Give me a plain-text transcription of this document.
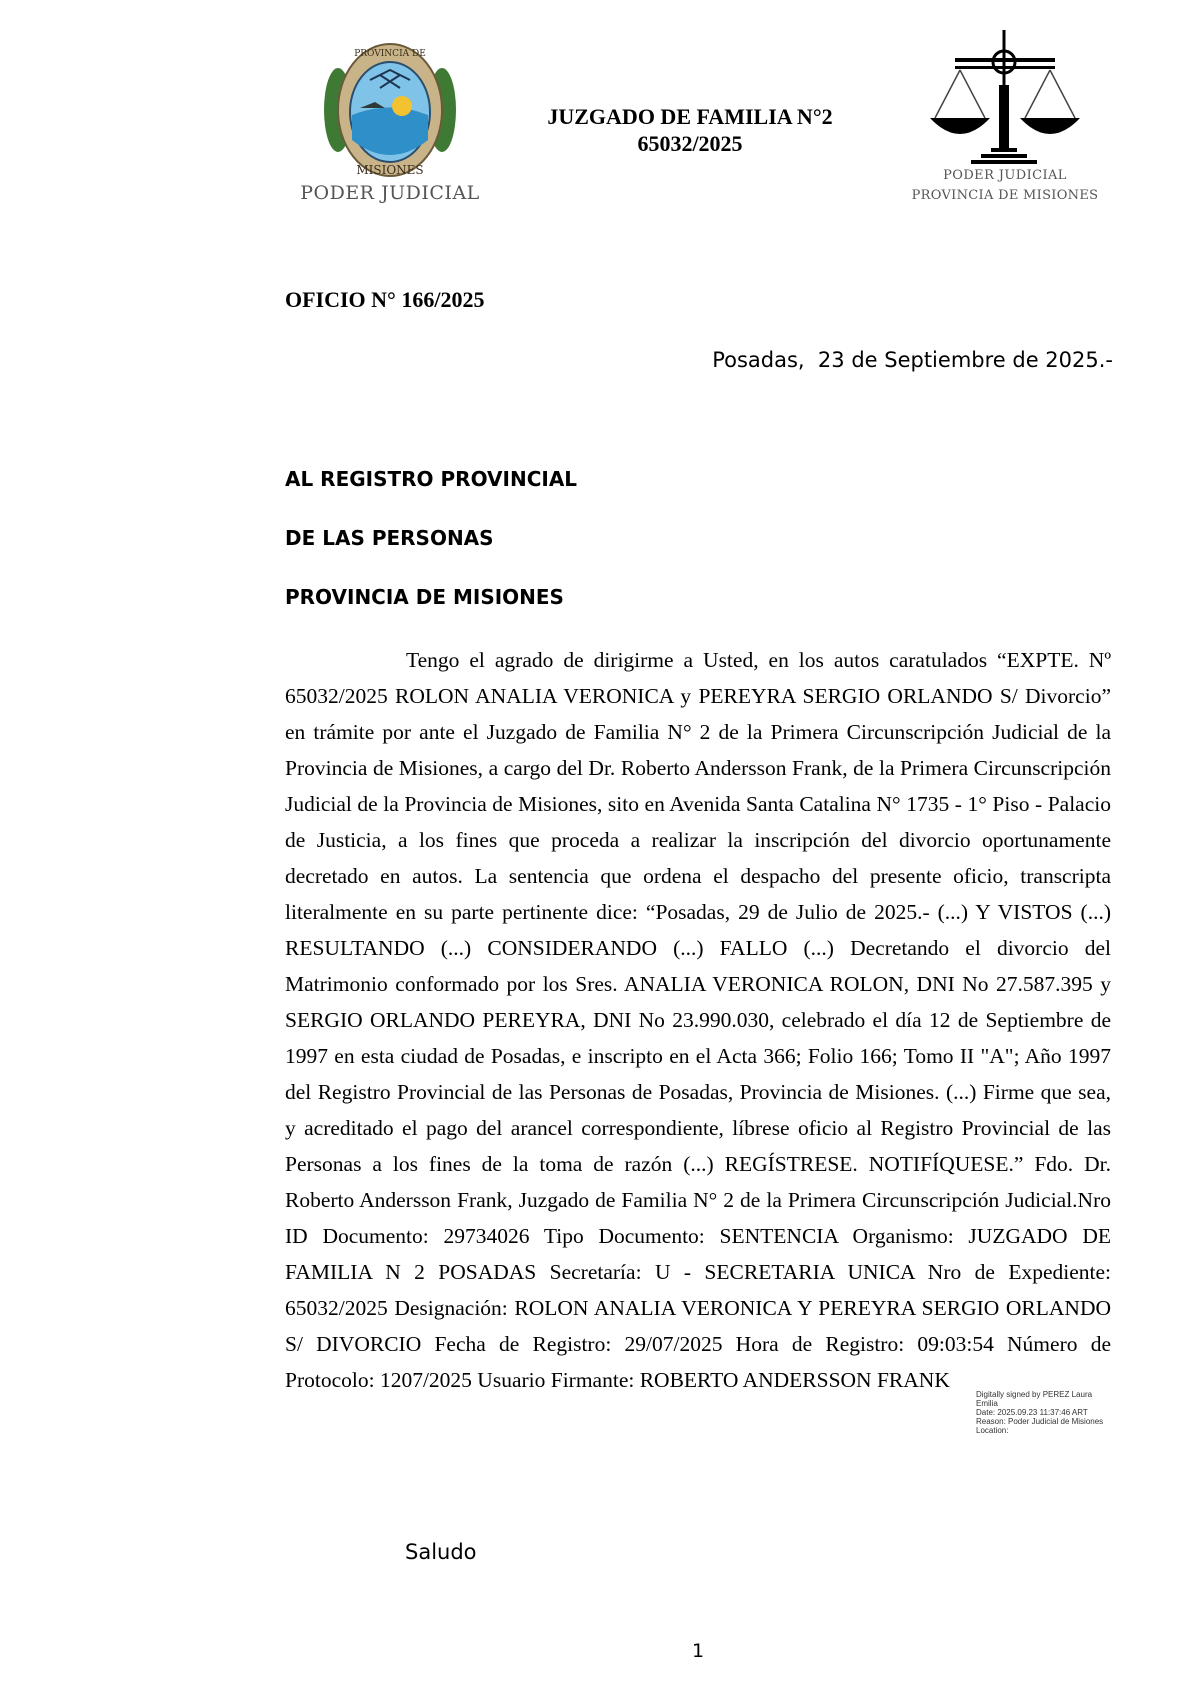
PROVINCIA DE
MISIONES
PODER JUDICIAL
JUZGADO DE FAMILIA N°2
65032/2025
PODER JUDICIAL
PROVINCIA DE MISIONES
OFICIO N° 166/2025
Posadas,  23 de Septiembre de 2025.-
AL REGISTRO PROVINCIAL
DE LAS PERSONAS
PROVINCIA DE MISIONES
Tengo el agrado de dirigirme a Usted, en los autos caratulados “EXPTE. Nº 65032/2025 ROLON ANALIA VERONICA y PEREYRA SERGIO ORLANDO S/ Divorcio” en trámite por ante el Juzgado de Familia N° 2 de la Primera Circunscripción Judicial de la Provincia de Misiones, a cargo del Dr. Roberto Andersson Frank, de la Primera Circunscripción Judicial de la Provincia de Misiones, sito en Avenida Santa Catalina N° 1735 - 1° Piso - Palacio de Justicia, a los fines que proceda a realizar la inscripción del divorcio oportunamente decretado en autos. La sentencia que ordena el despacho del presente oficio, transcripta literalmente en su parte pertinente dice: “Posadas, 29 de Julio de 2025.- (...) Y VISTOS (...) RESULTANDO (...) CONSIDERANDO (...) FALLO (...) Decretando el divorcio del Matrimonio conformado por los Sres. ANALIA VERONICA ROLON, DNI No 27.587.395 y SERGIO ORLANDO PEREYRA, DNI No 23.990.030, celebrado el día 12 de Septiembre de 1997 en esta ciudad de Posadas, e inscripto en el Acta 366; Folio 166; Tomo II "A"; Año 1997 del Registro Provincial de las Personas de Posadas, Provincia de Misiones. (...) Firme que sea, y acreditado el pago del arancel correspondiente, líbrese oficio al Registro Provincial de las Personas a los fines de la toma de razón (...) REGÍSTRESE. NOTIFÍQUESE.” Fdo. Dr. Roberto Andersson Frank, Juzgado de Familia N° 2 de la Primera Circunscripción Judicial.Nro ID Documento: 29734026 Tipo Documento: SENTENCIA Organismo: JUZGADO DE FAMILIA N 2 POSADAS Secretaría: U - SECRETARIA UNICA Nro de Expediente: 65032/2025 Designación: ROLON ANALIA VERONICA Y PEREYRA SERGIO ORLANDO S/ DIVORCIO Fecha de Registro: 29/07/2025 Hora de Registro: 09:03:54 Número de Protocolo: 1207/2025 Usuario Firmante: ROBERTO ANDERSSON FRANK
Digitally signed by PEREZ Laura
Emilia
Date: 2025.09.23 11:37:46 ART
Reason: Poder Judicial de Misiones
Location:
Saludo
1
